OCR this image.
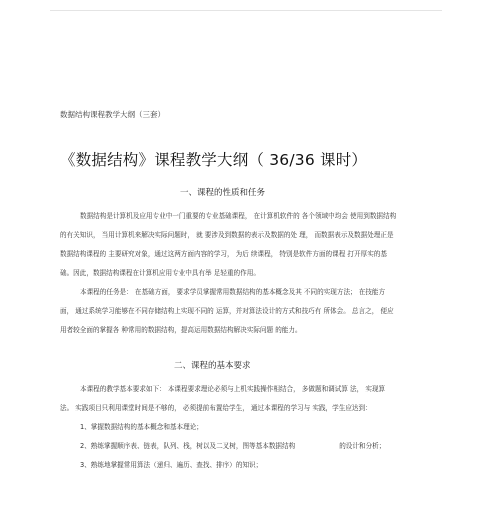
数据结构课程教学大纲（三套）
《数据结构》课程教学大纲（ 36/36 课时）
一、课程的性质和任务
数据结构是计算机及应用专业中一门重要的专业基础课程， 在计算机软件的 各个领域中均会 使用到数据结构
的有关知识， 当用计算机来解决实际问题时， 就 要涉及到数据的表示及数据的处 理， 而数据表示及数据处理正是
数据结构课程的 主要研究对象，通过这两方面内容的学习， 为后 续课程， 特别是软件方面的课程 打开厚实的基
础。因此，数据结构课程在计算机应用专业中具有举 足轻重的作用。
本课程的任务是： 在基础方面， 要求学员掌握常用数据结构的基本概念及其 不同的实现方法； 在技能方
面， 通过系统学习能够在不同存储结构上实现不同的 运算，并对算法设计的方式和技巧有 所体会。 总言之， 便应
用者较全面的掌握各 种常用的数据结构，提高运用数据结构解决实际问题 的能力。
二、课程的基本要求
本课程的教学基本要求如下： 本课程要求理论必须与上机实践操作相结合， 多做题和调试算 法， 实现算
法。 实践项目只利用课堂时间是不够的， 必须提前布置给学生， 通过本课程的学习与 实践，学生应达到：
1、掌握数据结构的基本概念和基本理论；
2、熟练掌握顺序表、链表，队列、栈，树以及二叉树，图等基本数据结构	的设计和分析；
3、熟练地掌握常用算法（递归、遍历、查找、排序）的知识；
